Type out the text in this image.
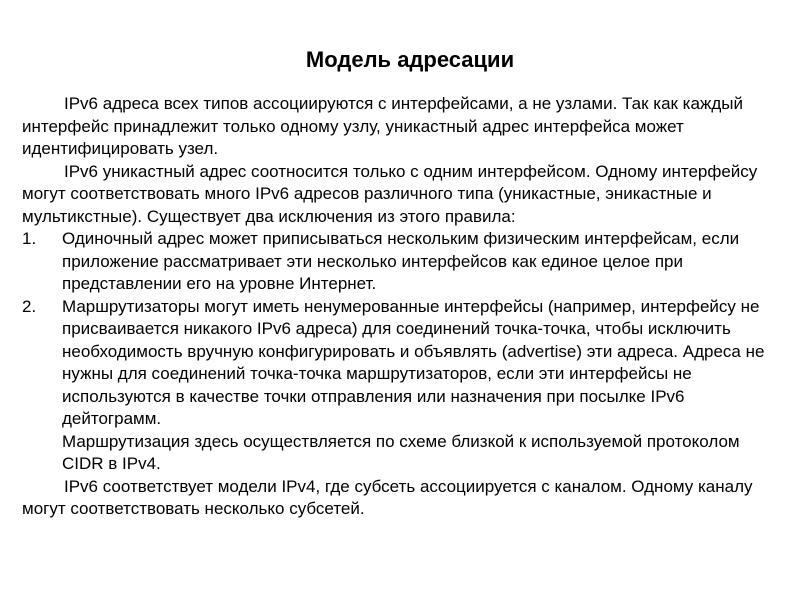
Модель адресации

IPv6 адреса всех типов ассоциируются с интерфейсами, а не узлами. Так как каждый интерфейс принадлежит только одному узлу, уникастный адрес интерфейса может идентифицировать узел.

IPv6 уникастный адрес соотносится только с одним интерфейсом. Одному интерфейсу могут соответствовать много IPv6 адресов различного типа (уникастные, эникастные и мультикстные). Существует два исключения из этого правила:

1.	Одиночный адрес может приписываться нескольким физическим интерфейсам, если приложение рассматривает эти несколько интерфейсов как единое целое при представлении его на уровне Интернет.
2.	Маршрутизаторы могут иметь ненумерованные интерфейсы (например, интерфейсу не присваивается никакого IPv6 адреса) для соединений точка-точка, чтобы исключить необходимость вручную конфигурировать и объявлять (advertise) эти адреса. Адреса не нужны для соединений точка-точка маршрутизаторов, если эти интерфейсы не используются в качестве точки отправления или назначения при посылке IPv6 дейтограмм.
Маршрутизация здесь осуществляется по схеме близкой к используемой протоколом CIDR в IPv4.

IPv6 соответствует модели IPv4, где субсеть ассоциируется с каналом. Одному каналу могут соответствовать несколько субсетей.
